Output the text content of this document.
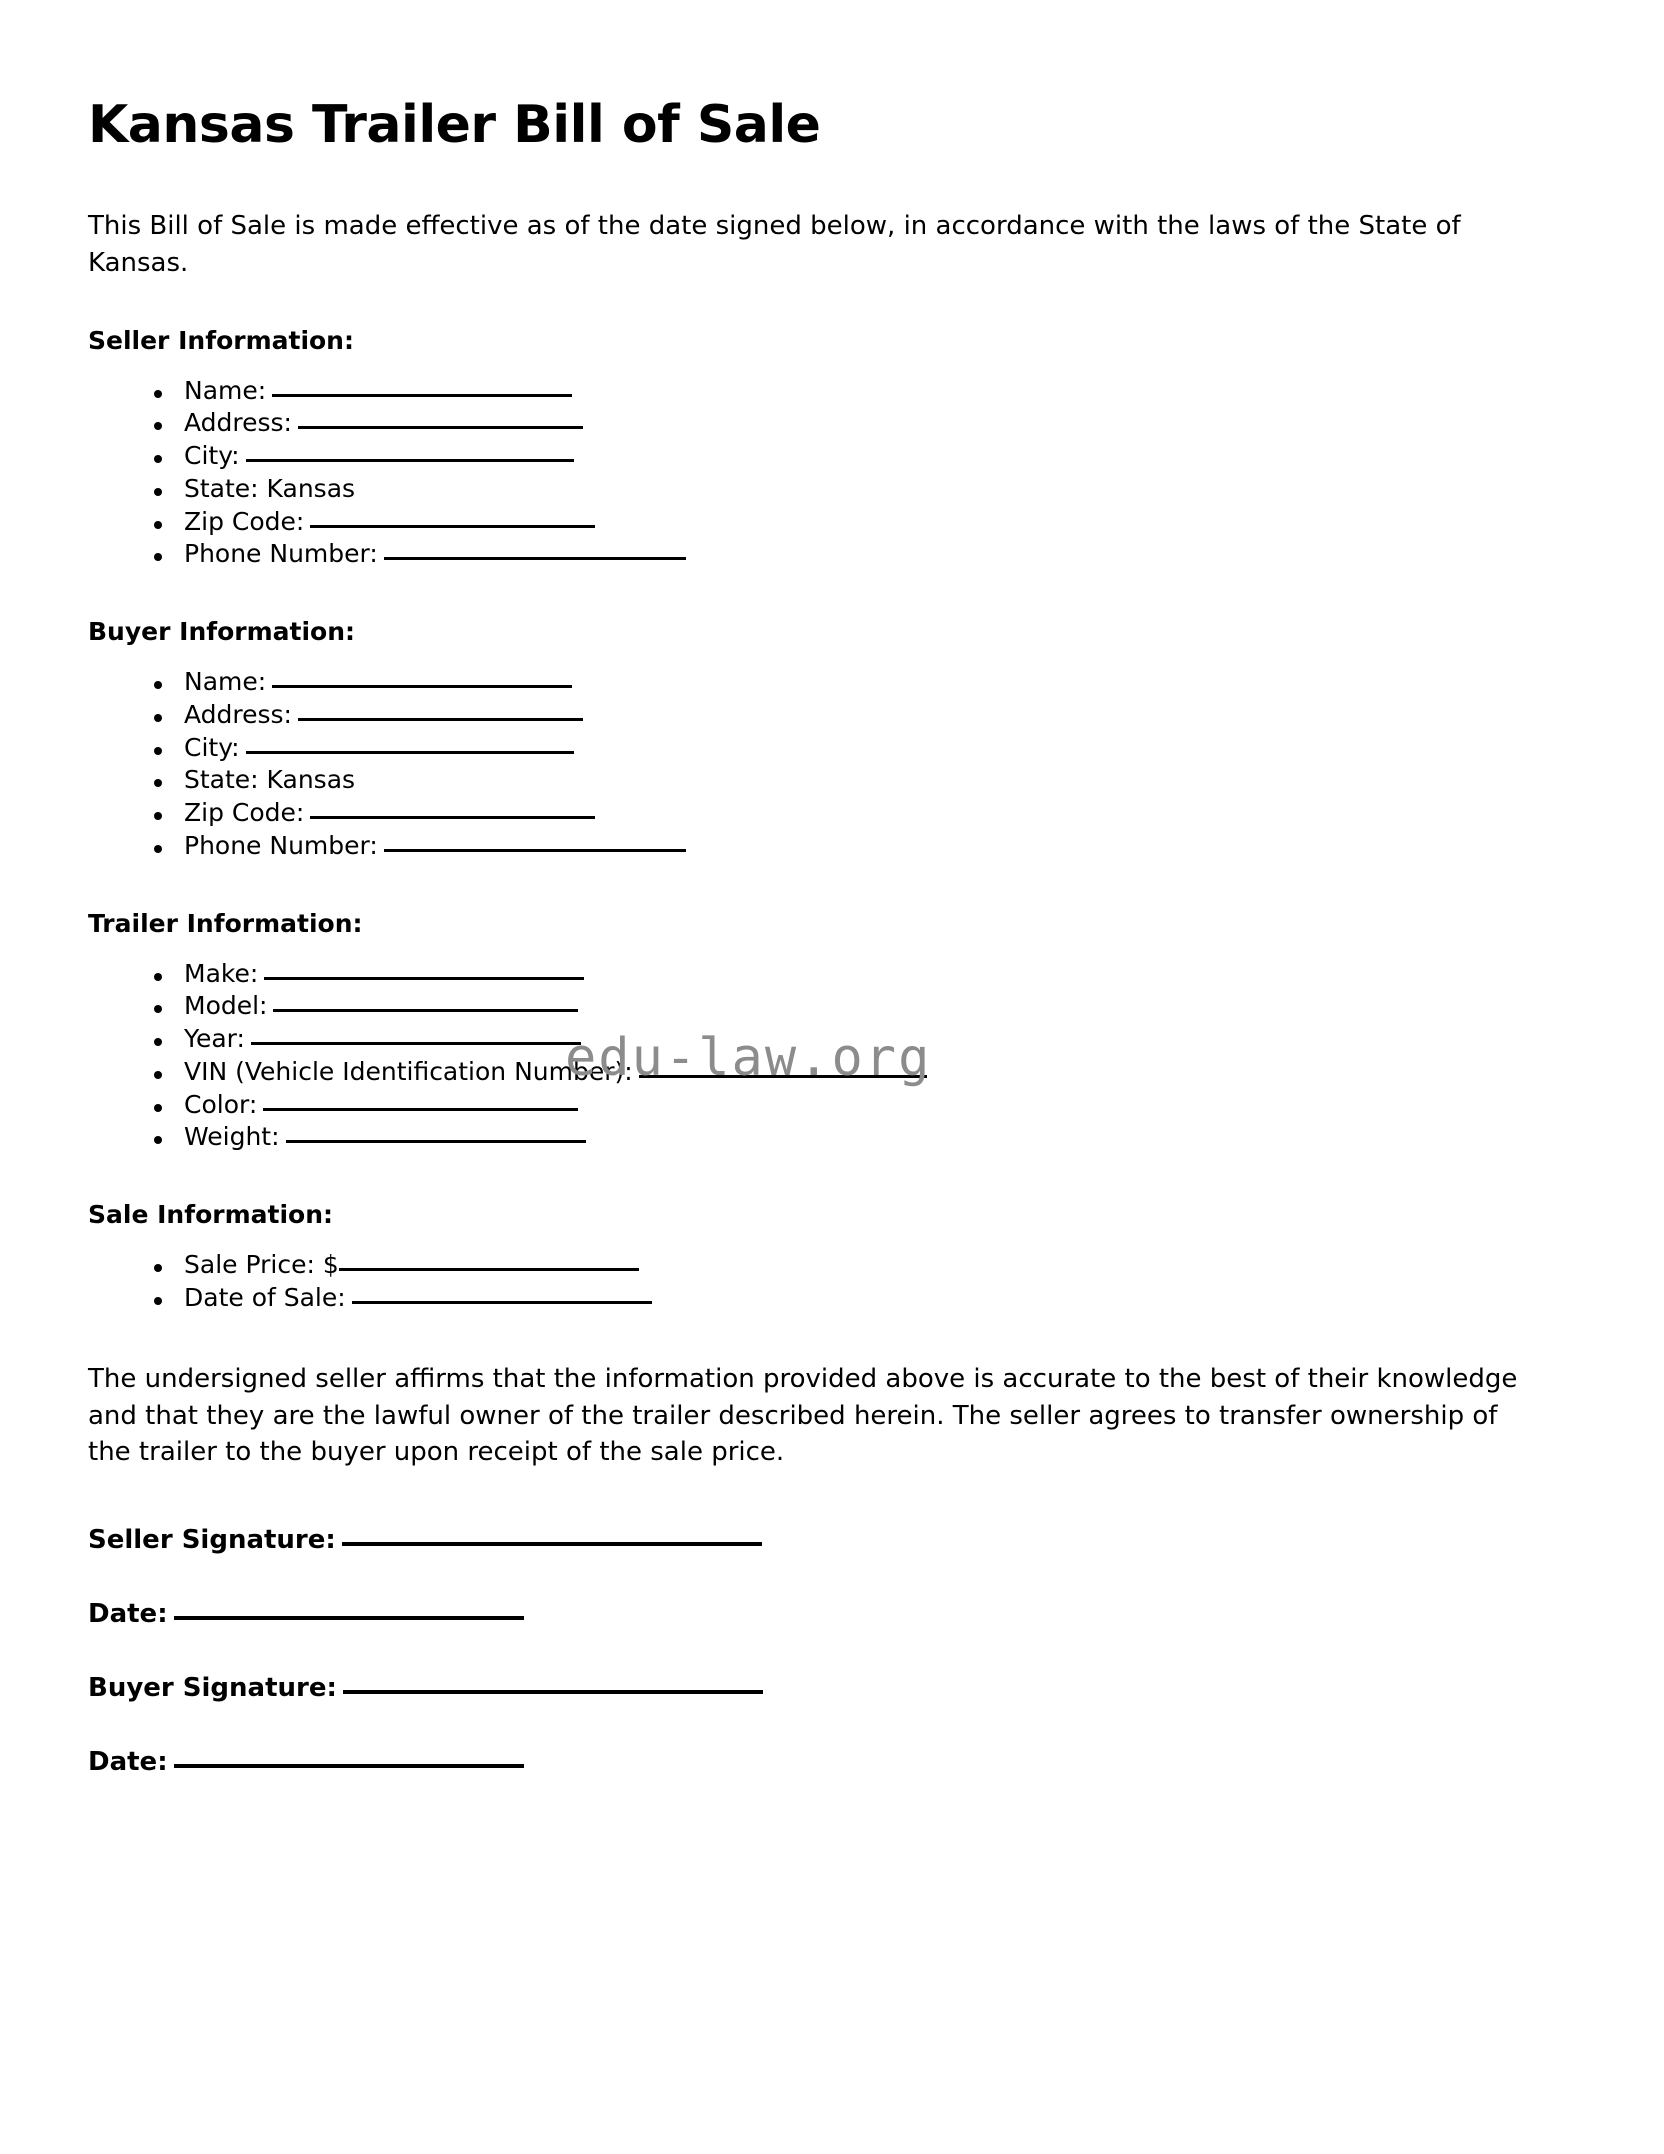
Kansas Trailer Bill of Sale

This Bill of Sale is made effective as of the date signed below, in accordance with the laws of the State of Kansas.

Seller Information:
Name:
Address:
City:
State: Kansas
Zip Code:
Phone Number:
Buyer Information:
Name:
Address:
City:
State: Kansas
Zip Code:
Phone Number:
Trailer Information:
Make:
Model:
Year:
VIN (Vehicle Identification Number):
Color:
Weight:
Sale Information:
Sale Price: $
Date of Sale:

The undersigned seller affirms that the information provided above is accurate to the best of their knowledge and that they are the lawful owner of the trailer described herein. The seller agrees to transfer ownership of the trailer to the buyer upon receipt of the sale price.

Seller Signature:

Date:

Buyer Signature:

Date:

edu-law.org
